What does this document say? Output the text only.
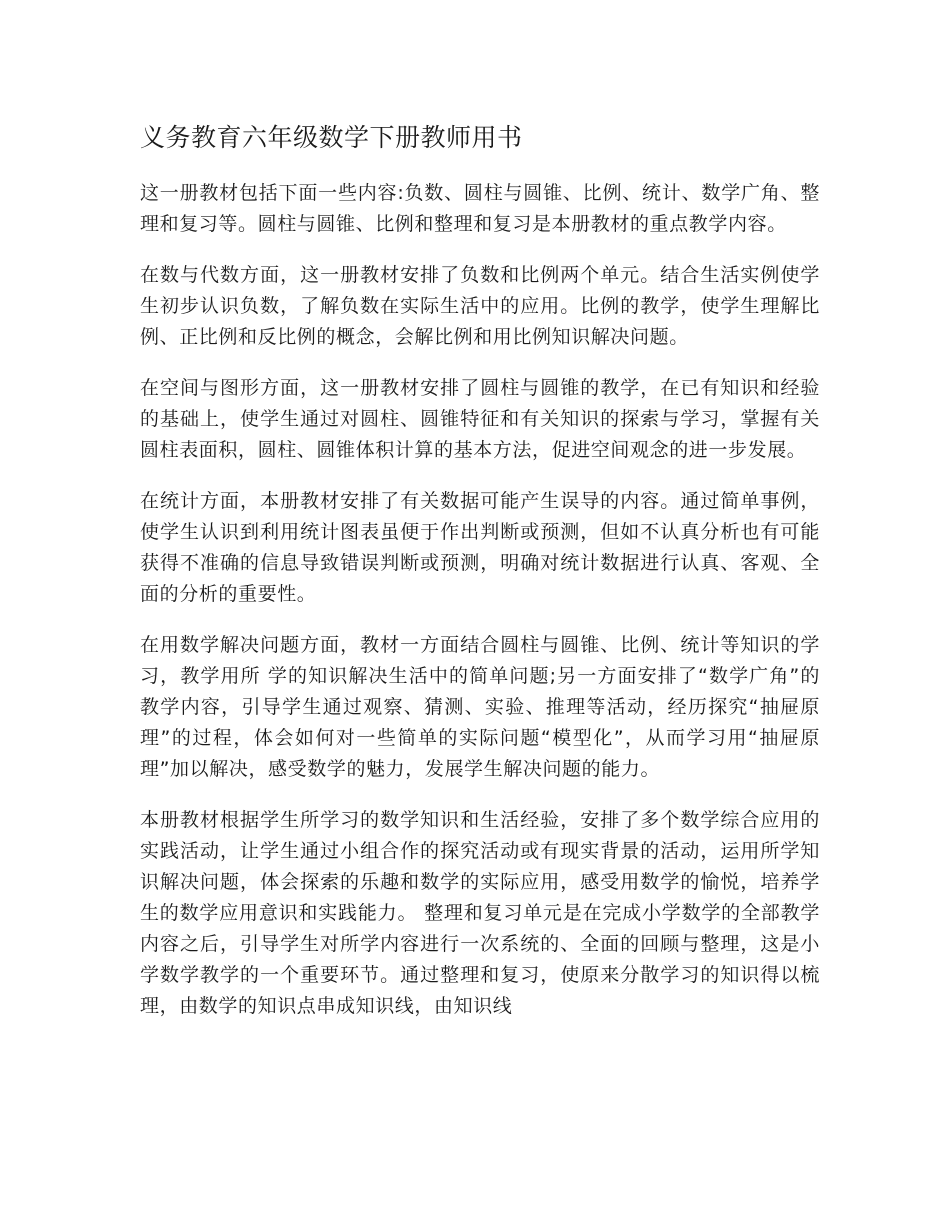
义务教育六年级数学下册教师用书

这一册教材包括下面一些内容:负数、圆柱与圆锥、比例、统计、数学广角、整理和复习等。圆柱与圆锥、比例和整理和复习是本册教材的重点教学内容。

在数与代数方面，这一册教材安排了负数和比例两个单元。结合生活实例使学生初步认识负数，了解负数在实际生活中的应用。比例的教学，使学生理解比例、正比例和反比例的概念，会解比例和用比例知识解决问题。

在空间与图形方面，这一册教材安排了圆柱与圆锥的教学，在已有知识和经验的基础上，使学生通过对圆柱、圆锥特征和有关知识的探索与学习，掌握有关圆柱表面积，圆柱、圆锥体积计算的基本方法，促进空间观念的进一步发展。

在统计方面，本册教材安排了有关数据可能产生误导的内容。通过简单事例，使学生认识到利用统计图表虽便于作出判断或预测，但如不认真分析也有可能获得不准确的信息导致错误判断或预测，明确对统计数据进行认真、客观、全面的分析的重要性。

在用数学解决问题方面，教材一方面结合圆柱与圆锥、比例、统计等知识的学习，教学用所 学的知识解决生活中的简单问题;另一方面安排了“数学广角”的教学内容，引导学生通过观察、猜测、实验、推理等活动，经历探究“抽屉原理”的过程，体会如何对一些简单的实际问题“模型化”，从而学习用“抽屉原理”加以解决，感受数学的魅力，发展学生解决问题的能力。

本册教材根据学生所学习的数学知识和生活经验，安排了多个数学综合应用的实践活动，让学生通过小组合作的探究活动或有现实背景的活动，运用所学知识解决问题，体会探索的乐趣和数学的实际应用，感受用数学的愉悦，培养学生的数学应用意识和实践能力。 整理和复习单元是在完成小学数学的全部教学内容之后，引导学生对所学内容进行一次系统的、全面的回顾与整理，这是小学数学教学的一个重要环节。通过整理和复习，使原来分散学习的知识得以梳理，由数学的知识点串成知识线，由知识线
